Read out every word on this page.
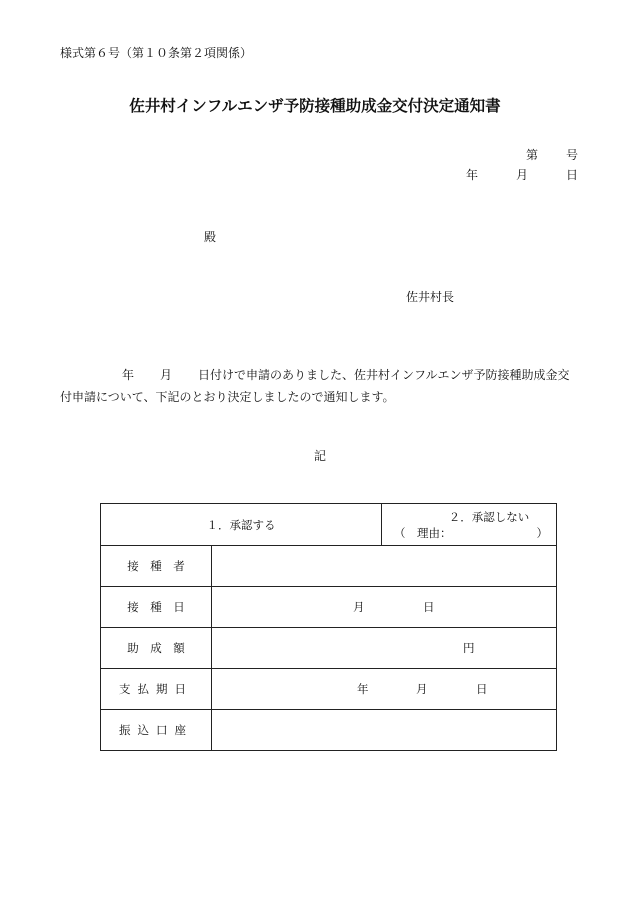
様式第６号（第１０条第２項関係）
佐井村インフルエンザ予防接種助成金交付決定通知書
第 号
年	月	日
殿
佐井村長
年 月 日付けで申請のありました、佐井村インフルエンザ予防接種助成金交付申請について、下記のとおり決定しましたので通知します。
記
１．承認する		２．承認しない
（　理由： ）

接　種　者		
接　種　日	月 日	

助　成　額	円	

支払期日	年 月 日	

振込口座		
